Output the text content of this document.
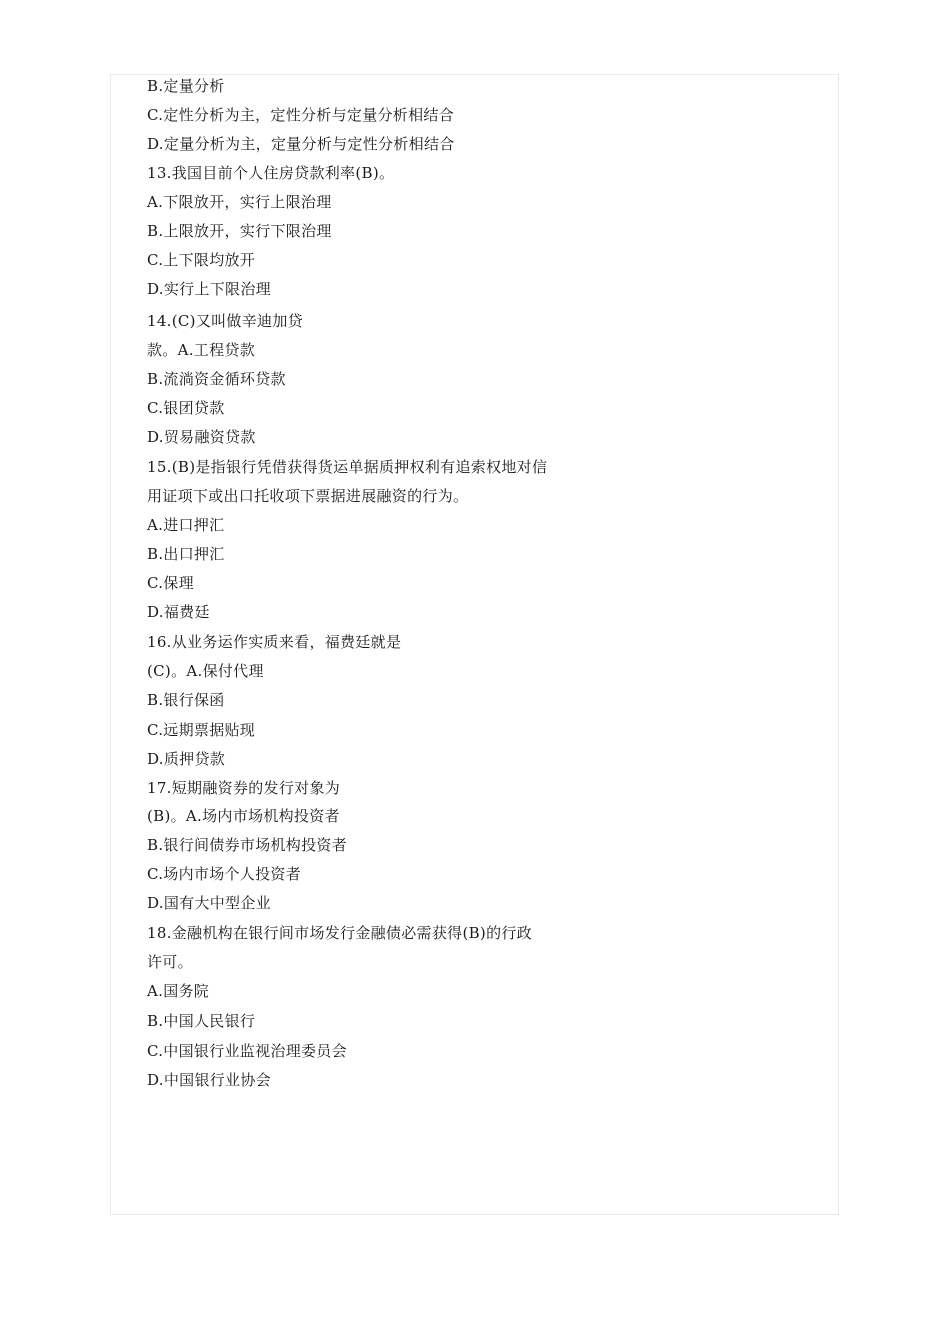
B.定量分析
C.定性分析为主，定性分析与定量分析相结合
D.定量分析为主，定量分析与定性分析相结合
13.我国目前个人住房贷款利率(B)。
A.下限放开，实行上限治理
B.上限放开，实行下限治理
C.上下限均放开
D.实行上下限治理
14.(C)又叫做辛迪加贷
款。A.工程贷款
B.流淌资金循环贷款
C.银团贷款
D.贸易融资贷款
15.(B)是指银行凭借获得货运单据质押权利有追索权地对信
用证项下或出口托收项下票据进展融资的行为。
A.进口押汇
B.出口押汇
C.保理
D.福费廷
16.从业务运作实质来看，福费廷就是
(C)。A.保付代理
B.银行保函
C.远期票据贴现
D.质押贷款
17.短期融资券的发行对象为
(B)。A.场内市场机构投资者
B.银行间债券市场机构投资者
C.场内市场个人投资者
D.国有大中型企业
18.金融机构在银行间市场发行金融债必需获得(B)的行政
许可。
A.国务院
B.中国人民银行
C.中国银行业监视治理委员会
D.中国银行业协会
